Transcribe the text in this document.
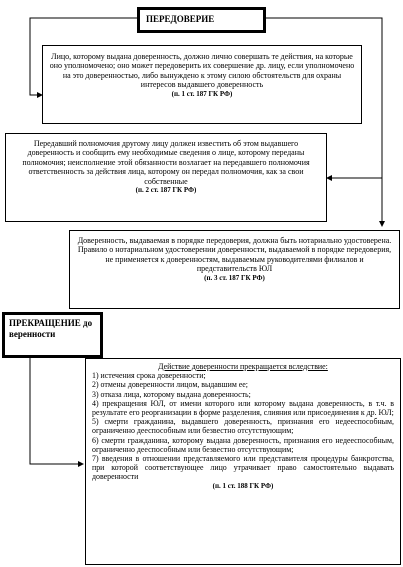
ПЕРЕДОВЕРИЕ
Лицо, которому выдана доверенность, должно лично совершать те действия, на которые оно уполномочено; оно может передоверить их совершение др. лицу, если уполномочено на это доверенностью, либо вынуждено к этому силою обстоятельств для охраны интересов выдавшего доверенность
(п. 1 ст. 187 ГК РФ)
Передавший полномочия другому лицу должен известить об этом выдавшего доверенность и сообщить ему необходимые сведения о лице, которому переданы полномочия; неисполнение этой обязанности возлагает на передавшего полномочия ответственность за действия лица, которому он передал полномочия, как за свои собственные
(п. 2 ст. 187 ГК РФ)
Доверенность, выдаваемая в порядке передоверия, должна быть нотариально удостоверена.
Правило о нотариальном удостоверении доверенности, выдаваемой в порядке передоверия, не применяется к доверенностям, выдаваемым руководителями филиалов и представительств ЮЛ
(п. 3 ст. 187 ГК РФ)
ПРЕКРАЩЕНИЕ доверенности

Действие доверенности прекращается вследствие:

1) истечения срока доверенности;

2) отмены доверенности лицом, выдавшим ее;

3) отказа лица, которому выдана доверенность;

4) прекращения ЮЛ, от имени которого или которому выдана доверенность, в т.ч. в результате его реорганизации в форме разделения, слияния или присоединения к др. ЮЛ;

5) смерти гражданина, выдавшего доверенность, признания его недееспособным, ограниченно дееспособным или безвестно отсутствующим;

6) смерти гражданина, которому выдана доверенность, признания его недееспособным, ограниченно дееспособным или безвестно отсутствующим;

7) введения в отношении представляемого или представителя процедуры банкротства, при которой соответствующее лицо утрачивает право самостоятельно выдавать доверенности

(п. 1 ст. 188 ГК РФ)
